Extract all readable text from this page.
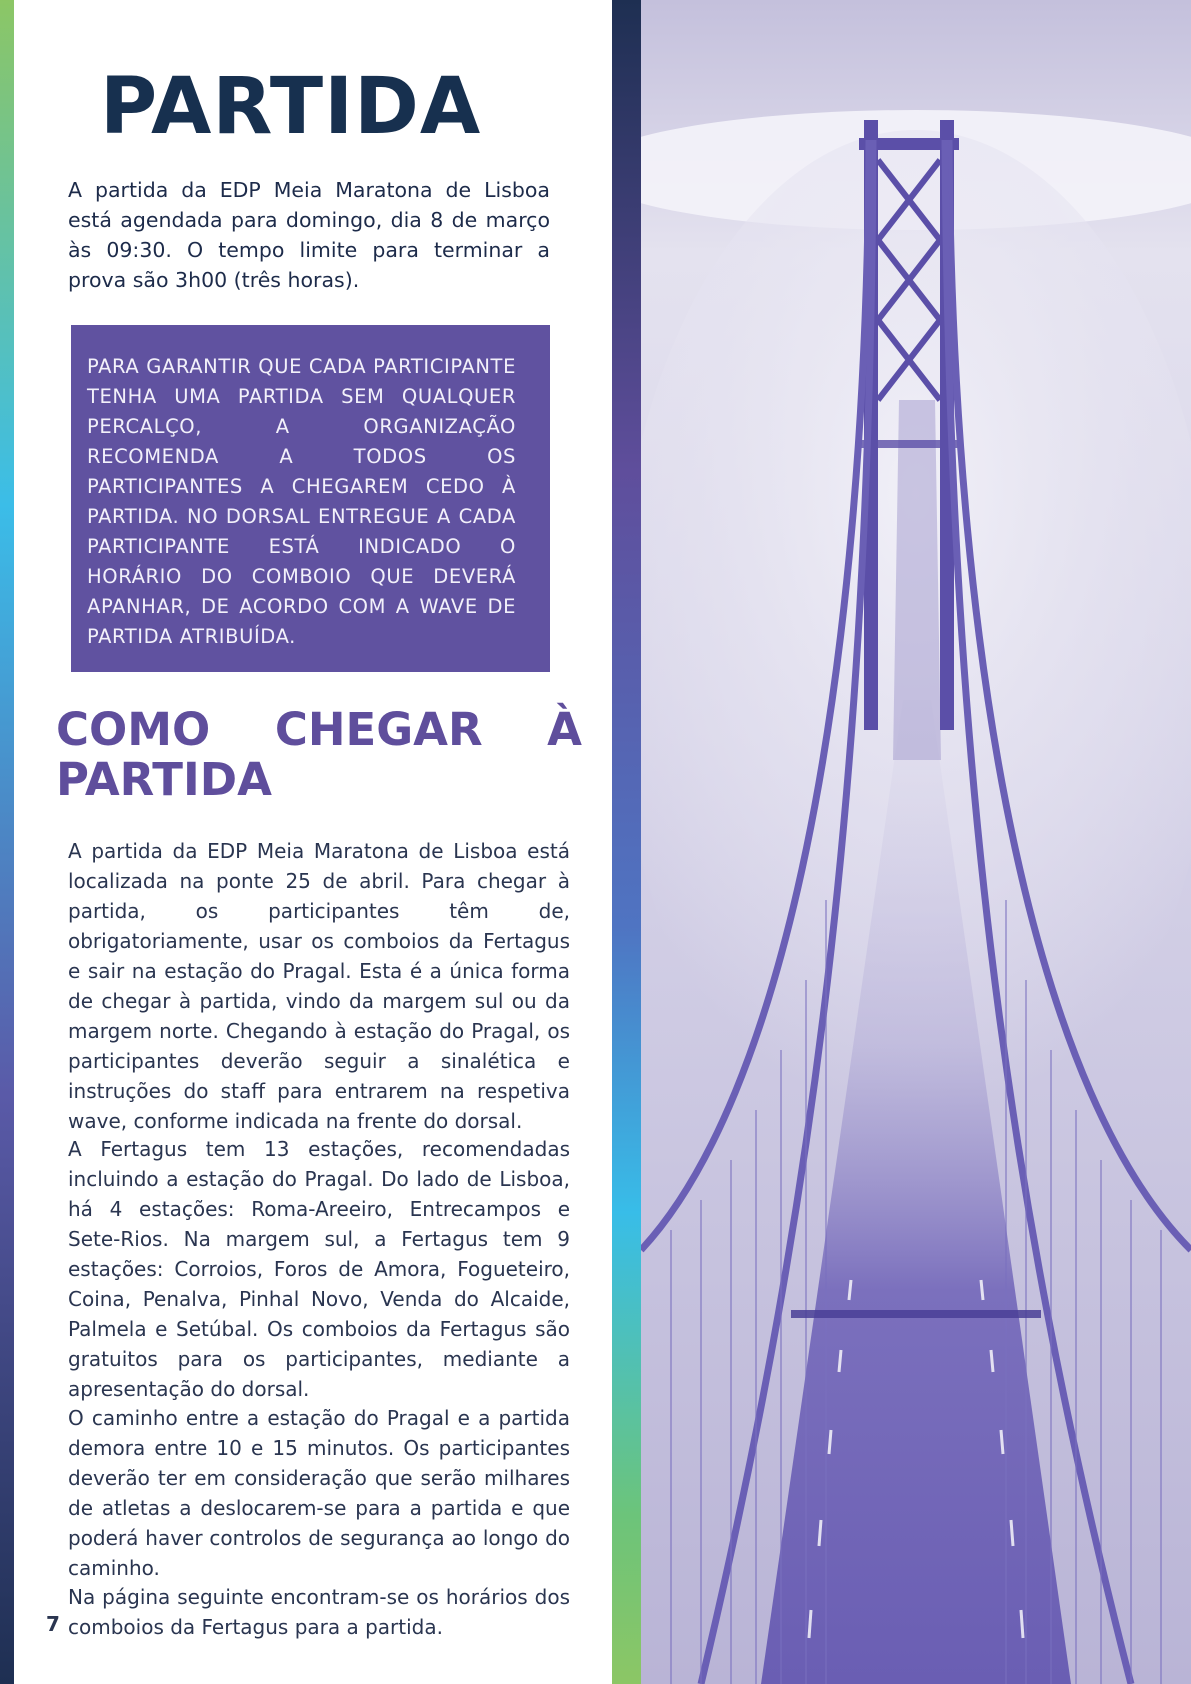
PARTIDA

A partida da EDP Meia Maratona de Lisboa está agendada para domingo, dia 8 de março às 09:30. O tempo limite para terminar a prova são 3h00 (três horas).

PARA GARANTIR QUE CADA PARTICIPANTE TENHA UMA PARTIDA SEM QUALQUER PERCALÇO, A ORGANIZAÇÃO RECOMENDA A TODOS OS PARTICIPANTES A CHEGAREM CEDO À PARTIDA. NO DORSAL ENTREGUE A CADA PARTICIPANTE ESTÁ INDICADO O HORÁRIO DO COMBOIO QUE DEVERÁ APANHAR, DE ACORDO COM A WAVE DE PARTIDA ATRIBUÍDA.

COMO CHEGAR À PARTIDA

A partida da EDP Meia Maratona de Lisboa está localizada na ponte 25 de abril. Para chegar à partida, os participantes têm de, obrigatoriamente, usar os comboios da Fertagus e sair na estação do Pragal. Esta é a única forma de chegar à partida, vindo da margem sul ou da margem norte. Chegando à estação do Pragal, os participantes deverão seguir a sinalética e instruções do staff para entrarem na respetiva wave, conforme indicada na frente do dorsal.

A Fertagus tem 13 estações, recomendadas incluindo a estação do Pragal. Do lado de Lisboa, há 4 estações: Roma-Areeiro, Entrecampos e Sete-Rios. Na margem sul, a Fertagus tem 9 estações: Corroios, Foros de Amora, Fogueteiro, Coina, Penalva, Pinhal Novo, Venda do Alcaide, Palmela e Setúbal. Os comboios da Fertagus são gratuitos para os participantes, mediante a apresentação do dorsal.

O caminho entre a estação do Pragal e a partida demora entre 10 e 15 minutos. Os participantes deverão ter em consideração que serão milhares de atletas a deslocarem-se para a partida e que poderá haver controlos de segurança ao longo do caminho.

Na página seguinte encontram-se os horários dos comboios da Fertagus para a partida.

7
